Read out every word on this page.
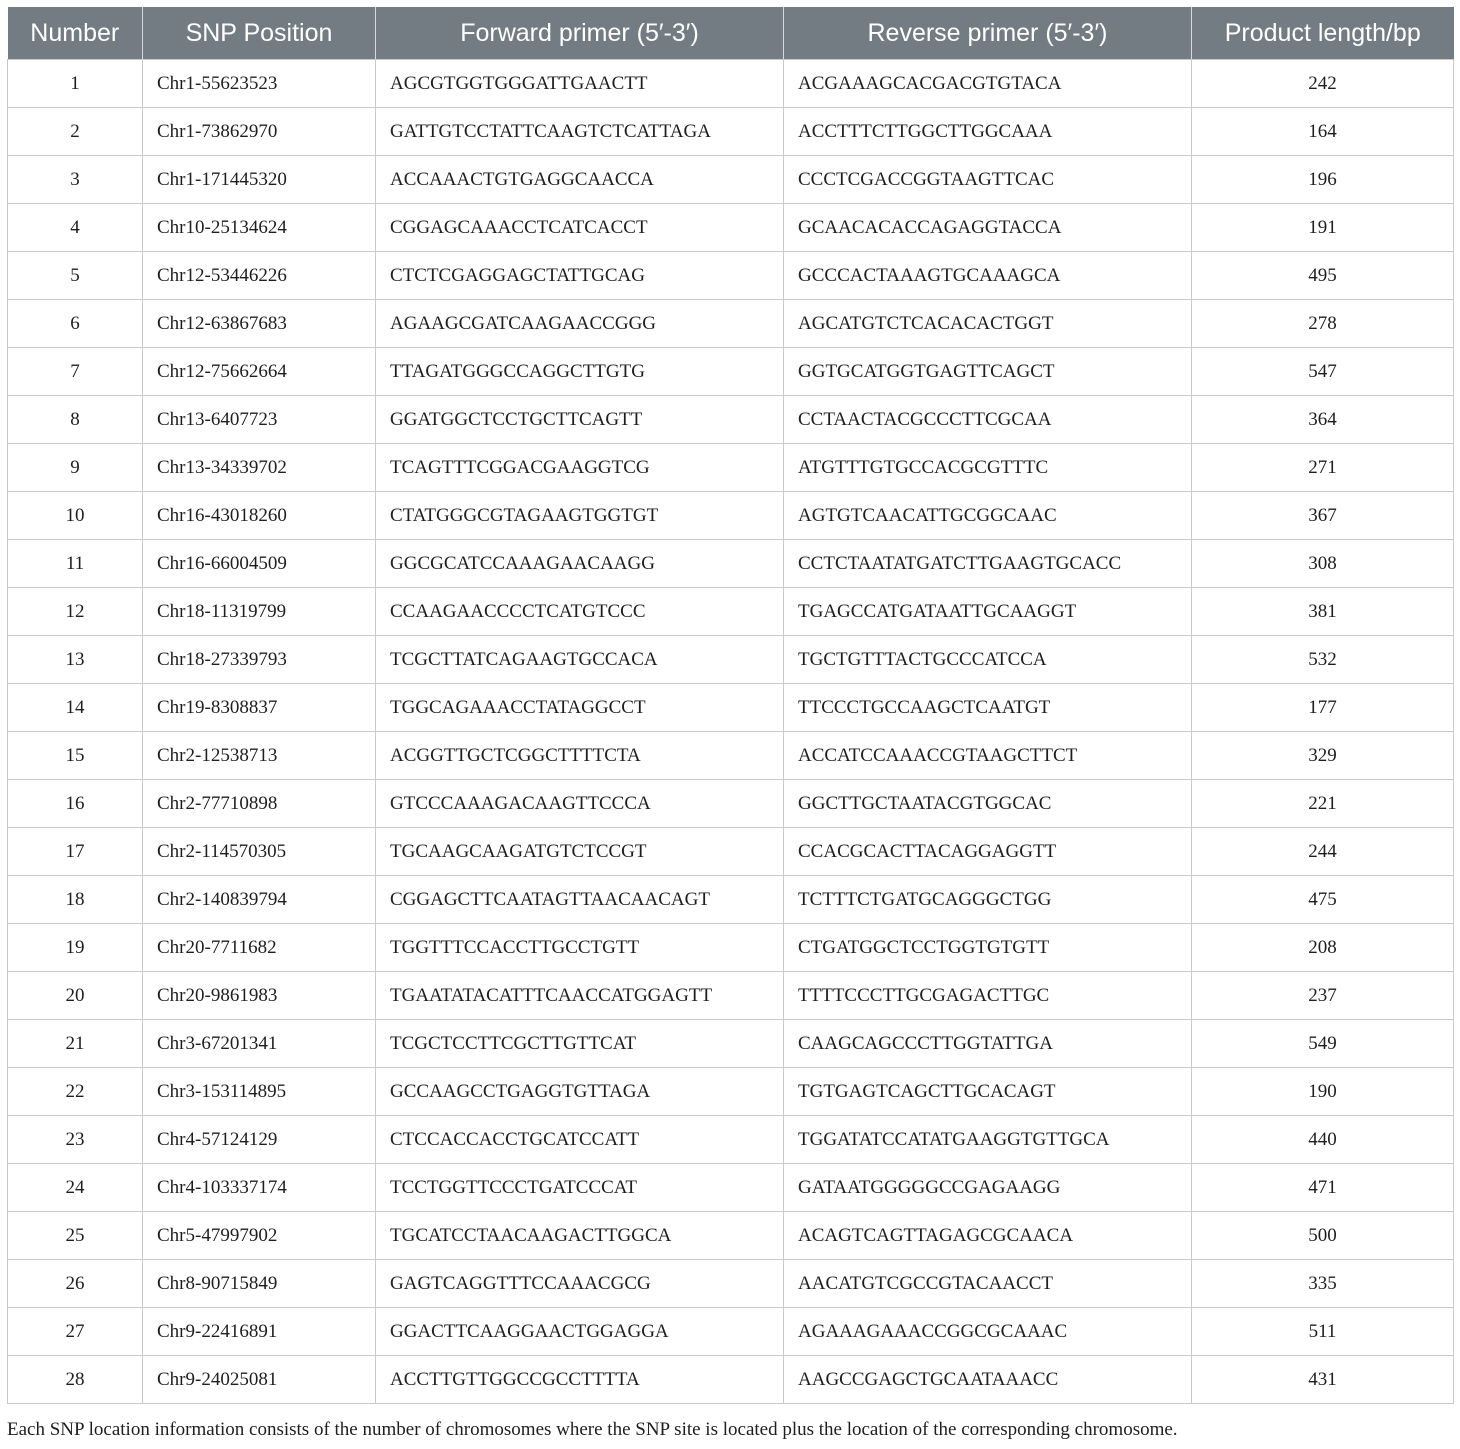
Number	SNP Position	Forward primer (5′-3′)	Reverse primer (5′-3′)	Product length/bp
1	Chr1-55623523	AGCGTGGTGGGATTGAACTT	ACGAAAGCACGACGTGTACA	242
2	Chr1-73862970	GATTGTCCTATTCAAGTCTCATTAGA	ACCTTTCTTGGCTTGGCAAA	164
3	Chr1-171445320	ACCAAACTGTGAGGCAACCA	CCCTCGACCGGTAAGTTCAC	196
4	Chr10-25134624	CGGAGCAAACCTCATCACCT	GCAACACACCAGAGGTACCA	191
5	Chr12-53446226	CTCTCGAGGAGCTATTGCAG	GCCCACTAAAGTGCAAAGCA	495
6	Chr12-63867683	AGAAGCGATCAAGAACCGGG	AGCATGTCTCACACACTGGT	278
7	Chr12-75662664	TTAGATGGGCCAGGCTTGTG	GGTGCATGGTGAGTTCAGCT	547
8	Chr13-6407723	GGATGGCTCCTGCTTCAGTT	CCTAACTACGCCCTTCGCAA	364
9	Chr13-34339702	TCAGTTTCGGACGAAGGTCG	ATGTTTGTGCCACGCGTTTC	271
10	Chr16-43018260	CTATGGGCGTAGAAGTGGTGT	AGTGTCAACATTGCGGCAAC	367
11	Chr16-66004509	GGCGCATCCAAAGAACAAGG	CCTCTAATATGATCTTGAAGTGCACC	308
12	Chr18-11319799	CCAAGAACCCCTCATGTCCC	TGAGCCATGATAATTGCAAGGT	381
13	Chr18-27339793	TCGCTTATCAGAAGTGCCACA	TGCTGTTTACTGCCCATCCA	532
14	Chr19-8308837	TGGCAGAAACCTATAGGCCT	TTCCCTGCCAAGCTCAATGT	177
15	Chr2-12538713	ACGGTTGCTCGGCTTTTCTA	ACCATCCAAACCGTAAGCTTCT	329
16	Chr2-77710898	GTCCCAAAGACAAGTTCCCA	GGCTTGCTAATACGTGGCAC	221
17	Chr2-114570305	TGCAAGCAAGATGTCTCCGT	CCACGCACTTACAGGAGGTT	244
18	Chr2-140839794	CGGAGCTTCAATAGTTAACAACAGT	TCTTTCTGATGCAGGGCTGG	475
19	Chr20-7711682	TGGTTTCCACCTTGCCTGTT	CTGATGGCTCCTGGTGTGTT	208
20	Chr20-9861983	TGAATATACATTTCAACCATGGAGTT	TTTTCCCTTGCGAGACTTGC	237
21	Chr3-67201341	TCGCTCCTTCGCTTGTTCAT	CAAGCAGCCCTTGGTATTGA	549
22	Chr3-153114895	GCCAAGCCTGAGGTGTTAGA	TGTGAGTCAGCTTGCACAGT	190
23	Chr4-57124129	CTCCACCACCTGCATCCATT	TGGATATCCATATGAAGGTGTTGCA	440
24	Chr4-103337174	TCCTGGTTCCCTGATCCCAT	GATAATGGGGGCCGAGAAGG	471
25	Chr5-47997902	TGCATCCTAACAAGACTTGGCA	ACAGTCAGTTAGAGCGCAACA	500
26	Chr8-90715849	GAGTCAGGTTTCCAAACGCG	AACATGTCGCCGTACAACCT	335
27	Chr9-22416891	GGACTTCAAGGAACTGGAGGA	AGAAAGAAACCGGCGCAAAC	511
28	Chr9-24025081	ACCTTGTTGGCCGCCTTTTA	AAGCCGAGCTGCAATAAACC	431
Each SNP location information consists of the number of chromosomes where the SNP site is located plus the location of the corresponding chromosome.
